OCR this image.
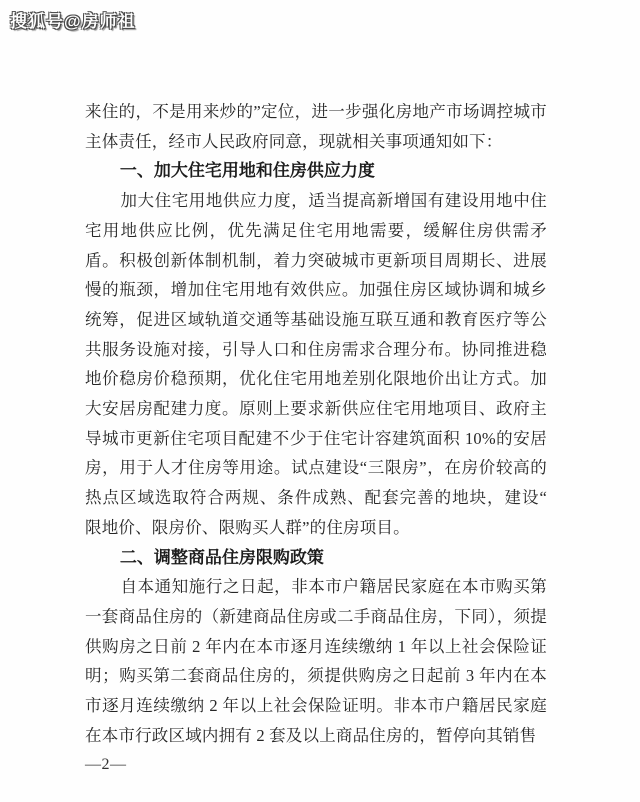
搜狐号@房师祖

来住的，不是用来炒的”定位，进一步强化房地产市场调控城市主体责任，经市人民政府同意，现就相关事项通知如下：

一、加大住宅用地和住房供应力度

加大住宅用地供应力度，适当提高新增国有建设用地中住宅用地供应比例，优先满足住宅用地需要，缓解住房供需矛盾。积极创新体制机制，着力突破城市更新项目周期长、进展慢的瓶颈，增加住宅用地有效供应。加强住房区域协调和城乡统筹，促进区域轨道交通等基础设施互联互通和教育医疗等公共服务设施对接，引导人口和住房需求合理分布。协同推进稳地价稳房价稳预期，优化住宅用地差别化限地价出让方式。加大安居房配建力度。原则上要求新供应住宅用地项目、政府主导城市更新住宅项目配建不少于住宅计容建筑面积 10%的安居房，用于人才住房等用途。试点建设“三限房”，在房价较高的热点区域选取符合两规、条件成熟、配套完善的地块，建设“ 限地价、限房价、限购买人群”的住房项目。

二、调整商品住房限购政策

自本通知施行之日起，非本市户籍居民家庭在本市购买第一套商品住房的（新建商品住房或二手商品住房，下同），须提供购房之日前 2 年内在本市逐月连续缴纳 1 年以上社会保险证明；购买第二套商品住房的，须提供购房之日起前 3 年内在本市逐月连续缴纳 2 年以上社会保险证明。非本市户籍居民家庭在本市行政区域内拥有 2 套及以上商品住房的，暂停向其销售

—2—
